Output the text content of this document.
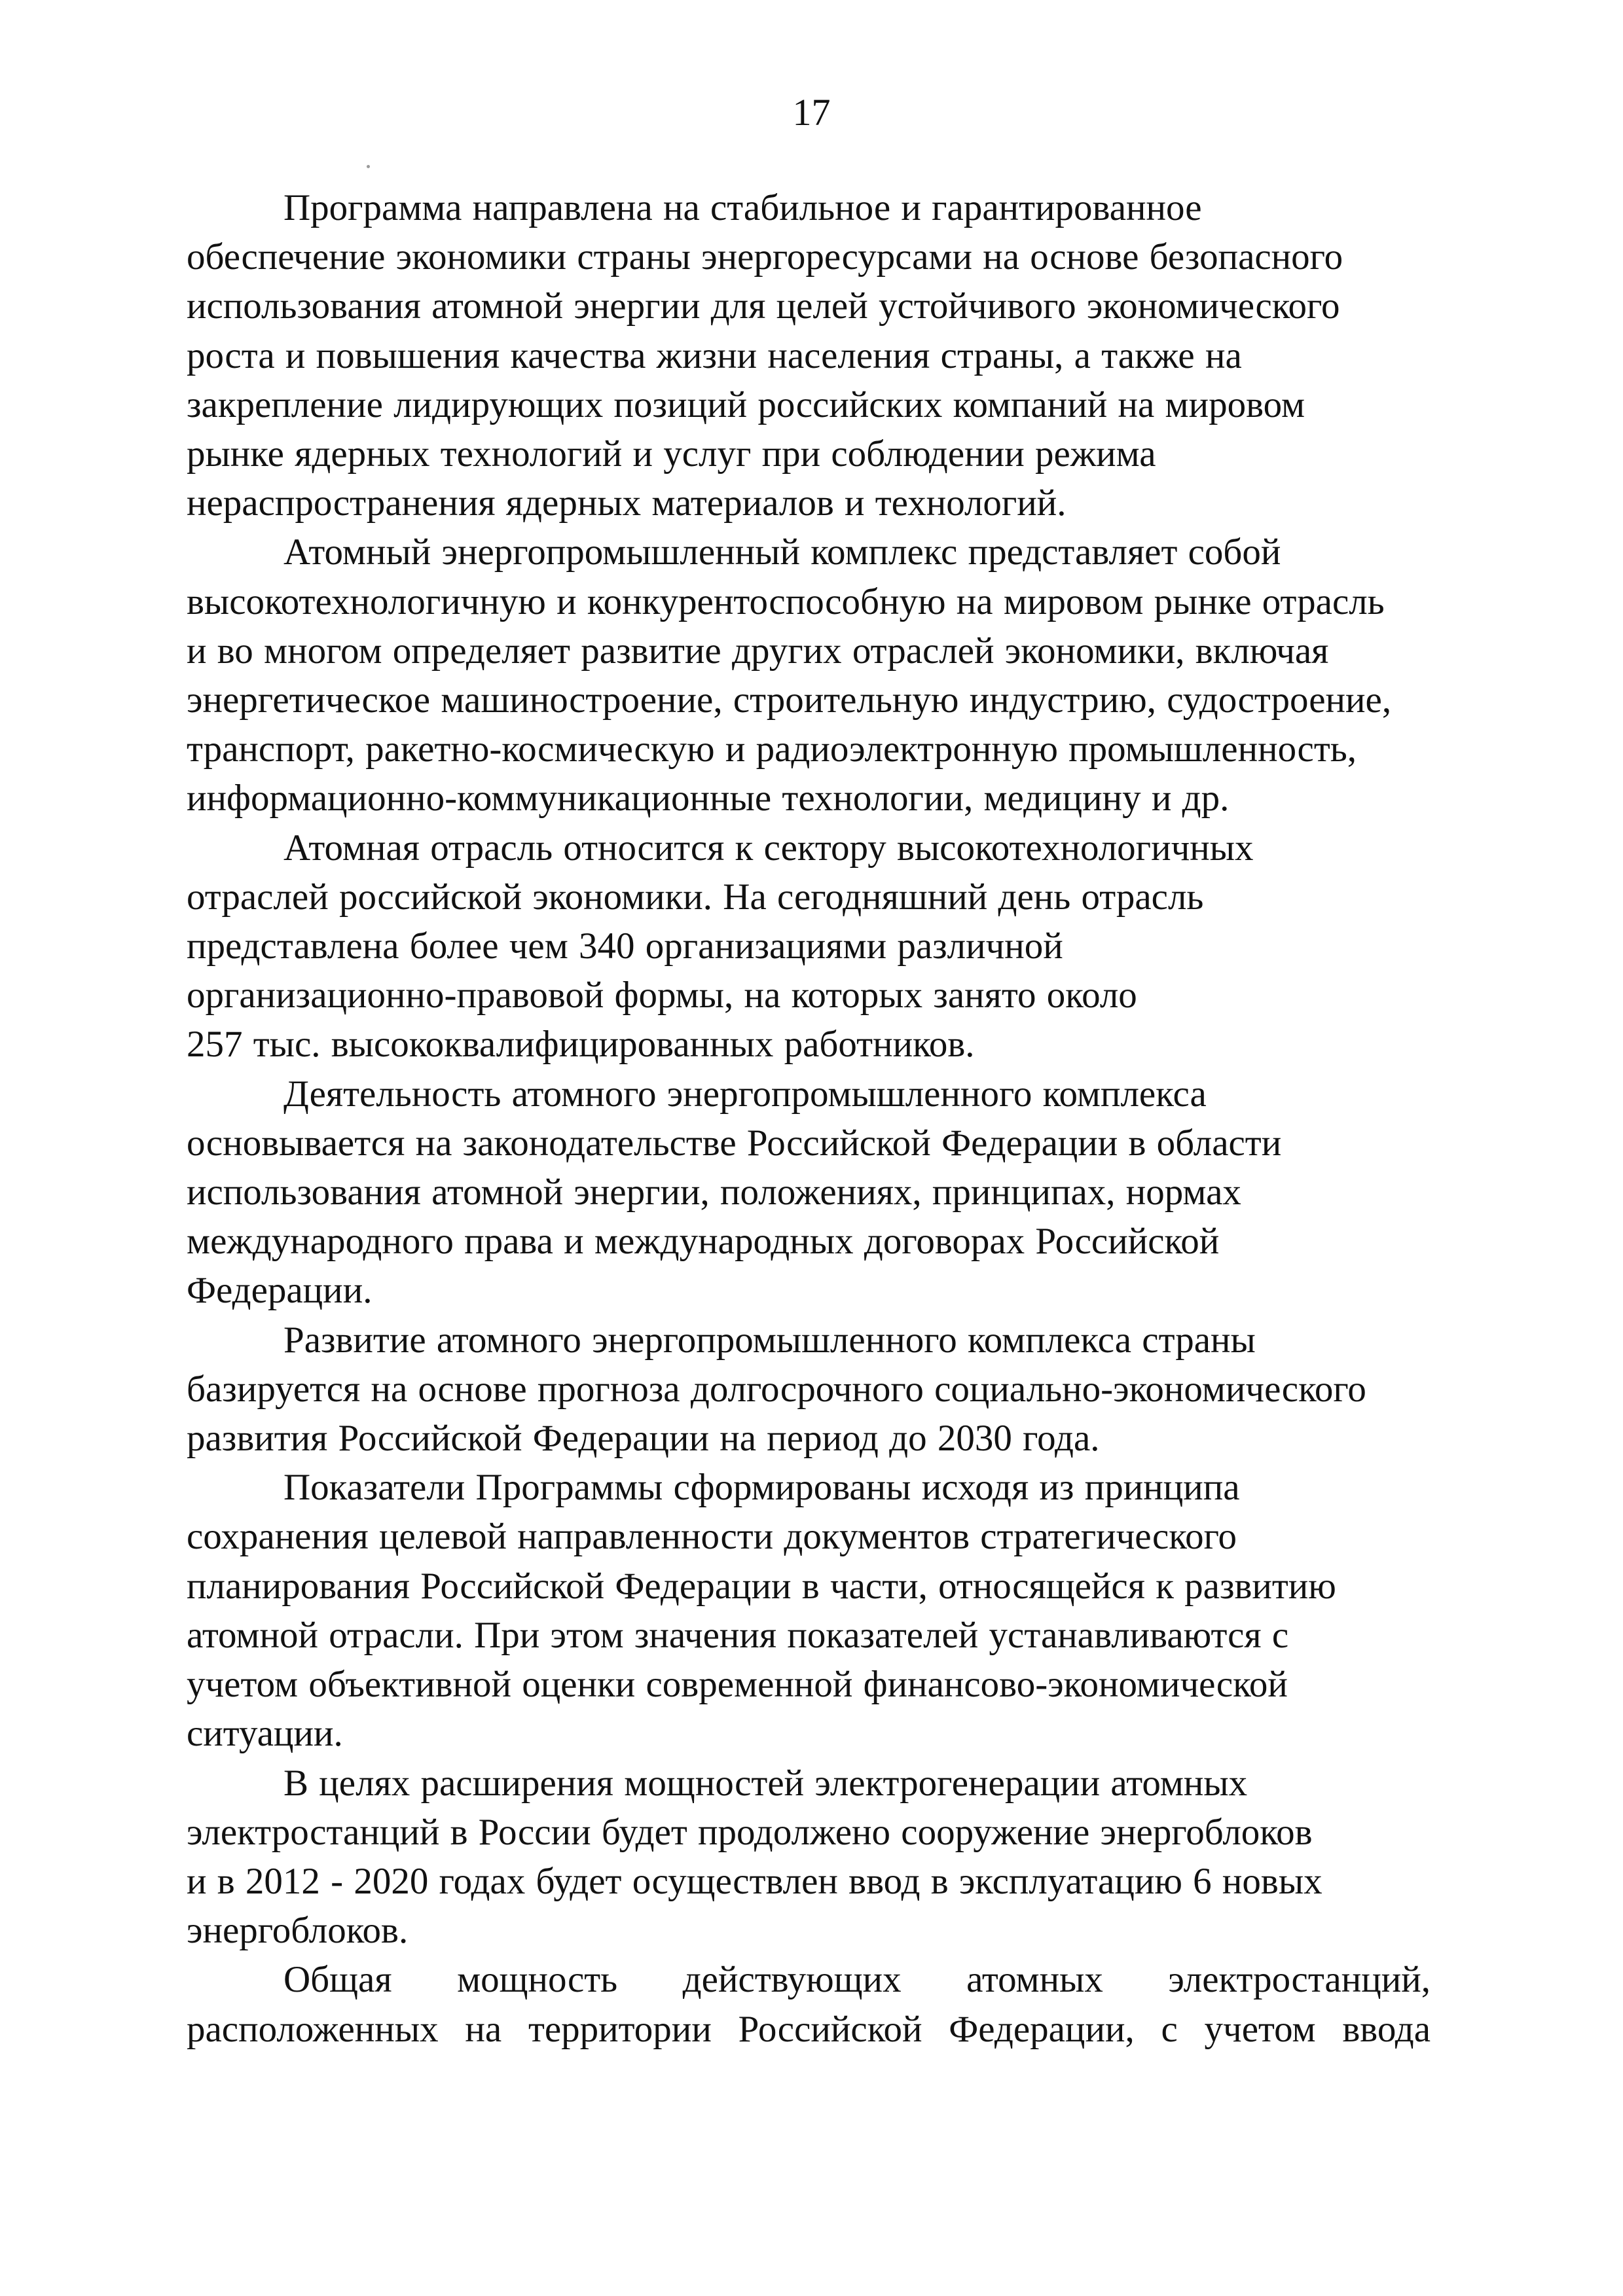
17

Программа направлена на стабильное и гарантированное
обеспечение экономики страны энергоресурсами на основе безопасного
использования атомной энергии для целей устойчивого экономического
роста и повышения качества жизни населения страны, а также на
закрепление лидирующих позиций российских компаний на мировом
рынке ядерных технологий и услуг при соблюдении режима
нераспространения ядерных материалов и технологий.

Атомный энергопромышленный комплекс представляет собой
высокотехнологичную и конкурентоспособную на мировом рынке отрасль
и во многом определяет развитие других отраслей экономики, включая
энергетическое машиностроение, строительную индустрию, судостроение,
транспорт, ракетно-космическую и радиоэлектронную промышленность,
информационно-коммуникационные технологии, медицину и др.

Атомная отрасль относится к сектору высокотехнологичных
отраслей российской экономики. На сегодняшний день отрасль
представлена более чем 340 организациями различной
организационно-правовой формы, на которых занято около
257 тыс. высококвалифицированных работников.

Деятельность атомного энергопромышленного комплекса
основывается на законодательстве Российской Федерации в области
использования атомной энергии, положениях, принципах, нормах
международного права и международных договорах Российской
Федерации.

Развитие атомного энергопромышленного комплекса страны
базируется на основе прогноза долгосрочного социально-экономического
развития Российской Федерации на период до 2030 года.

Показатели Программы сформированы исходя из принципа
сохранения целевой направленности документов стратегического
планирования Российской Федерации в части, относящейся к развитию
атомной отрасли. При этом значения показателей устанавливаются с
учетом объективной оценки современной финансово-экономической
ситуации.

В целях расширения мощностей электрогенерации атомных
электростанций в России будет продолжено сооружение энергоблоков
и в 2012 - 2020 годах будет осуществлен ввод в эксплуатацию 6 новых
энергоблоков.

Общая мощность действующих атомных электростанций,
расположенных на территории Российской Федерации, с учетом ввода
